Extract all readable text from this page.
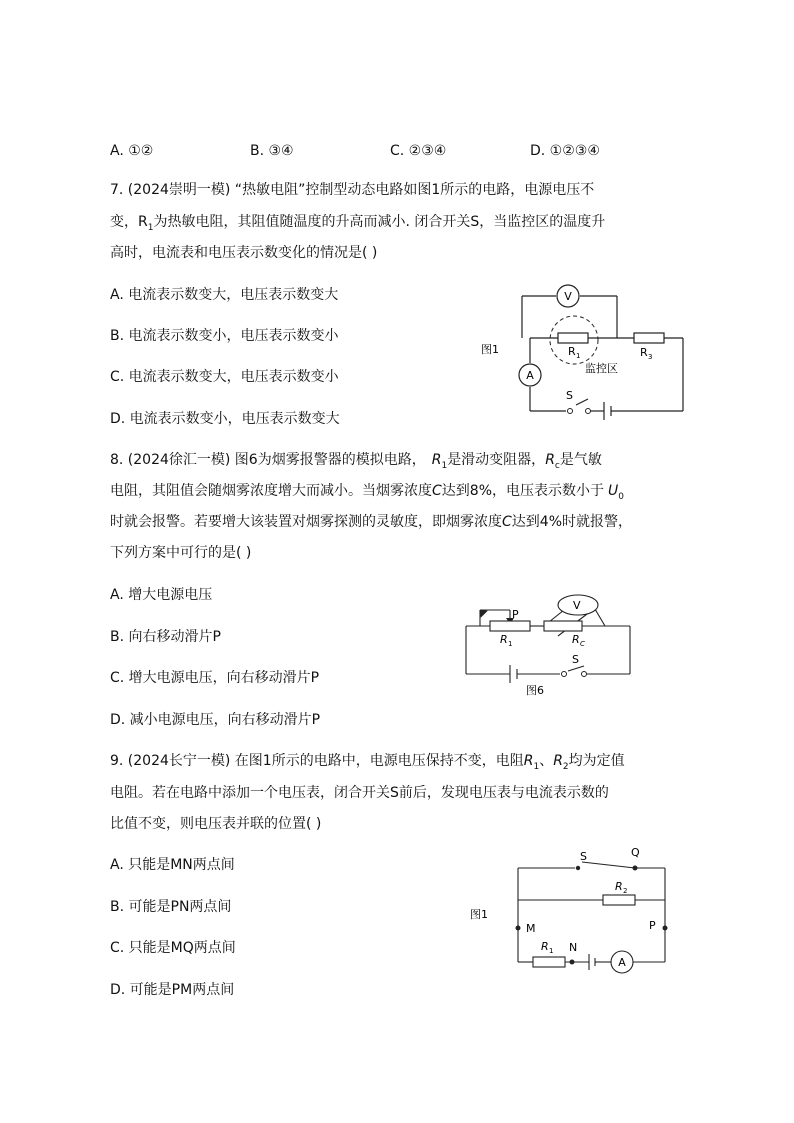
A. ①②	B. ③④	C. ②③④	D. ①②③④
7. (2024崇明一模) “热敏电阻”控制型动态电路如图1所示的电路，电源电压不
变，$R_1$为热敏电阻，其阻值随温度的升高而减小. 闭合开关S，当监控区的温度升
高时，电流表和电压表示数变化的情况是( )
A. 电流表示数变大，电压表示数变大
B. 电流表示数变小，电压表示数变小
C. 电流表示数变大，电压表示数变小
D. 电流表示数变小，电压表示数变大
V
A
R 1	R 3
监控区
S
图1
8. (2024徐汇一模) 图6为烟雾报警器的模拟电路， $R_1$是滑动变阻器，$R_c$是气敏
电阻，其阻值会随烟雾浓度增大而减小。当烟雾浓度C达到8%，电压表示数小于 $U_0$
时就会报警。若要增大该装置对烟雾探测的灵敏度，即烟雾浓度C达到4%时就报警，
下列方案中可行的是( )
A. 增大电源电压
B. 向右移动滑片P
C. 增大电源电压，向右移动滑片P
D. 减小电源电压，向右移动滑片P
V
P
R 1	R C
S
图6
9. (2024长宁一模) 在图1所示的电路中，电源电压保持不变，电阻$R_1$、$R_2$均为定值
电阻。若在电路中添加一个电压表，闭合开关S前后，发现电压表与电流表示数的
比值不变，则电压表并联的位置( )
A. 只能是MN两点间
B. 可能是PN两点间
C. 只能是MQ两点间
D. 可能是PM两点间
S	Q
R 2
M	P
R 1 N
A
图1
